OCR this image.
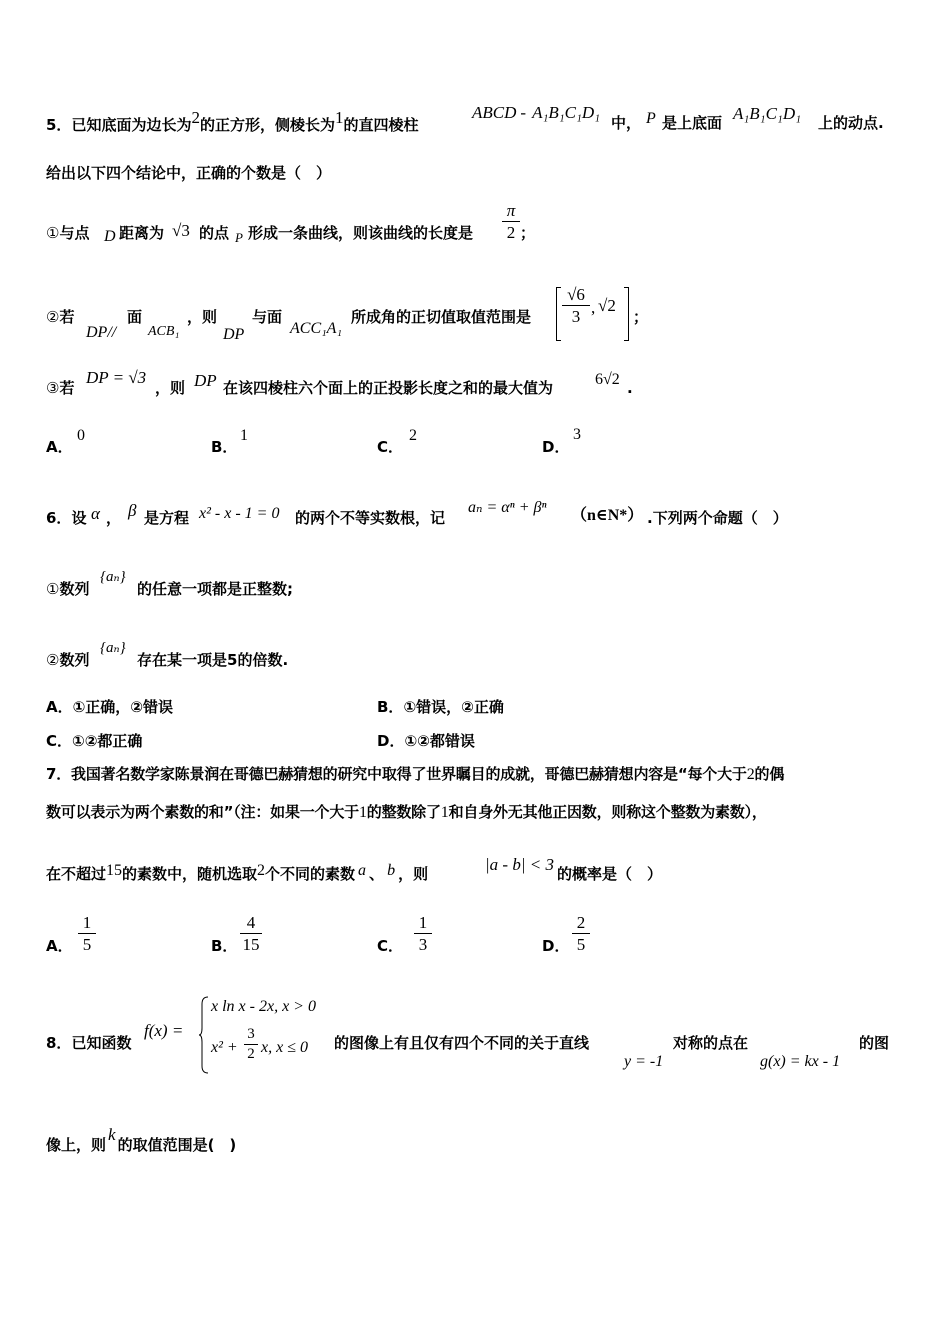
5．已知底面为边长为2的正方形，侧棱长为1的直四棱柱
ABCD - A₁B₁C₁D₁
中， P 是上底面 A₁B₁C₁D₁ 上的动点.
给出以下四个结论中，正确的个数是（　）
①与点 D 距离为 √3 的点 P 形成一条曲线，则该曲线的长度是
π
2 ；
②若
DP//
面
ACB₁
，则
DP
与面
ACC₁A₁
所成角的正切值取值范围是
√6
3 , √2
；
③若
DP = √3
，则 DP 在该四棱柱六个面上的正投影长度之和的最大值为	6√2 .
A．
0
B．
1
C．
2
D．
3
6．设 α ， β 是方程 x² - x - 1 = 0 的两个不等实数根，记
aₙ = αⁿ + βⁿ （n∈N*） .下列两个命题（　）
①数列
{aₙ}
的任意一项都是正整数;
②数列
{aₙ}
存在某一项是5的倍数.
A．①正确，②错误	B．①错误，②正确
C．①②都正确	D．①②都错误
7．我国著名数学家陈景润在哥德巴赫猜想的研究中取得了世界瞩目的成就，哥德巴赫猜想内容是“每个大于2的偶
数可以表示为两个素数的和”（注：如果一个大于1的整数除了1和自身外无其他正因数，则称这个整数为素数），
在不超过15的素数中，随机选取2个不同的素数 a 、 b ，则	|a - b| < 3 的概率是（　）
A．
1
5	B．
4
15	C．
1
3	D．
2
5
8．已知函数
f(x) =
x ln x - 2x, x > 0
x² +
3
2 x, x ≤ 0 的图像上有且仅有四个不同的关于直线
y = -1
对称的点在
g(x) = kx - 1
的图
像上，则k的取值范围是(　)
